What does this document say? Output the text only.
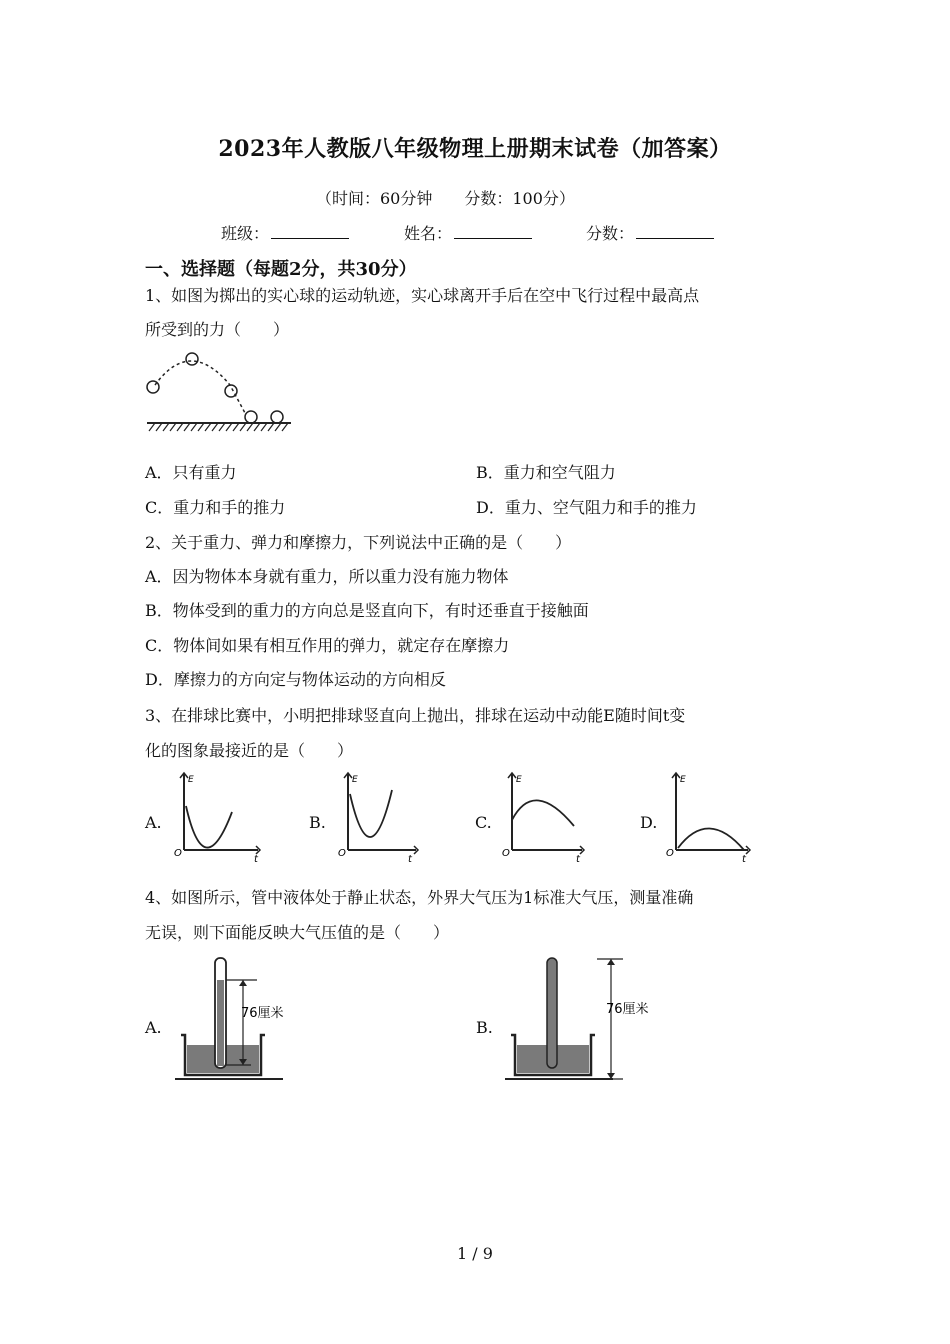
2023年人教版八年级物理上册期末试卷（加答案）
（时间：60分钟　　分数：100分）
班级：	姓名：	分数：
一、选择题（每题2分，共30分）
1、如图为掷出的实心球的运动轨迹，实心球离开手后在空中飞行过程中最高点
所受到的力（　　）
A．只有重力	B．重力和空气阻力
C．重力和手的推力	D．重力、空气阻力和手的推力
2、关于重力、弹力和摩擦力，下列说法中正确的是（　　）
A．因为物体本身就有重力，所以重力没有施力物体
B．物体受到的重力的方向总是竖直向下，有时还垂直于接触面
C．物体间如果有相互作用的弹力，就定存在摩擦力
D．摩擦力的方向定与物体运动的方向相反
3、在排球比赛中，小明把排球竖直向上抛出，排球在运动中动能E随时间t变
化的图象最接近的是（　　）
A.
E
O
t
B.
E
O
t
C.
E
O
t
D.
E
O
t
4、如图所示，管中液体处于静止状态，外界大气压为1标准大气压，测量准确
无误，则下面能反映大气压值的是（　　）
A.
76厘米
B.
76厘米
1 / 9
